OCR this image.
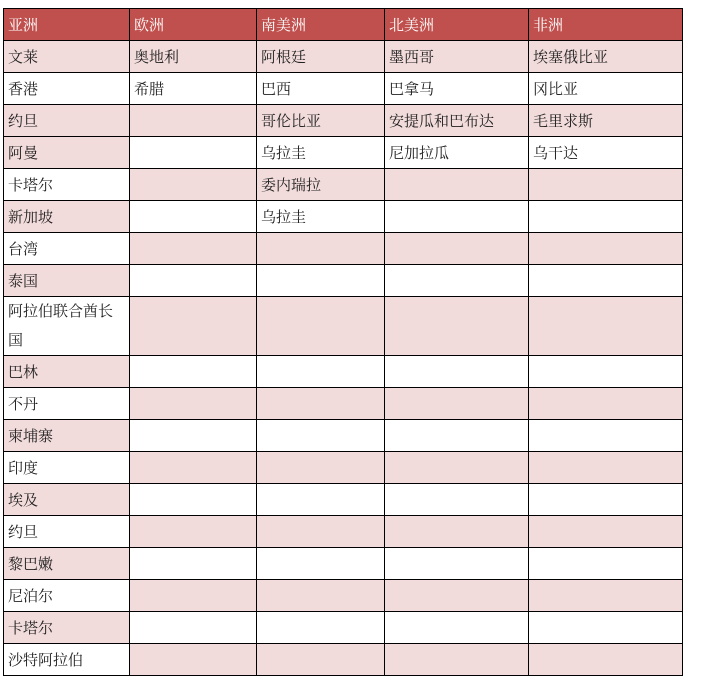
亚洲	欧洲	南美洲	北美洲	非洲
文莱	奥地利	阿根廷	墨西哥	埃塞俄比亚
香港	希腊	巴西	巴拿马	冈比亚
约旦		哥伦比亚	安提瓜和巴布达	毛里求斯
阿曼		乌拉圭	尼加拉瓜	乌干达
卡塔尔		委内瑞拉		
新加坡		乌拉圭		
台湾				
泰国				
阿拉伯联合酋长国				
巴林				
不丹				
柬埔寨				
印度				
埃及				
约旦				
黎巴嫩				
尼泊尔				
卡塔尔				
沙特阿拉伯				
